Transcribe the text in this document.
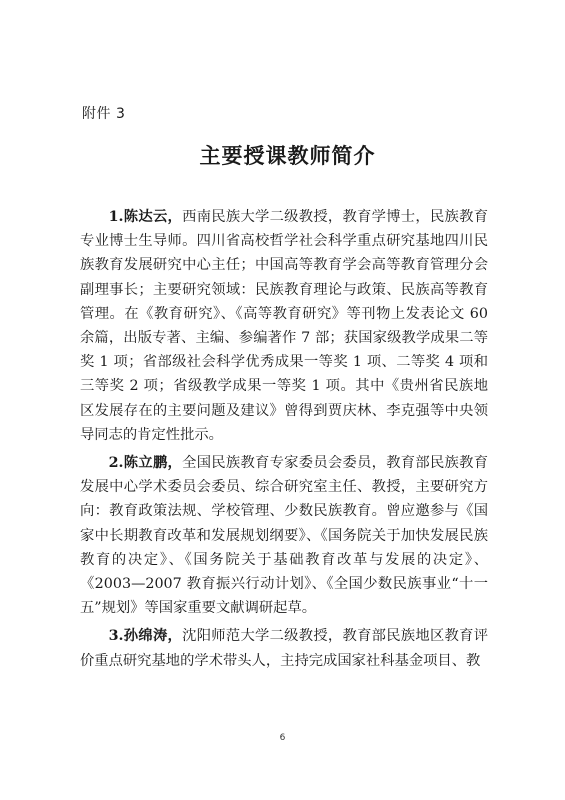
附件 3
主要授课教师简介

1.陈达云，西南民族大学二级教授，教育学博士，民族教育专业博士生导师。四川省高校哲学社会科学重点研究基地四川民族教育发展研究中心主任；中国高等教育学会高等教育管理分会副理事长；主要研究领域：民族教育理论与政策、民族高等教育管理。在《教育研究》、《高等教育研究》等刊物上发表论文 60 余篇，出版专著、主编、参编著作 7 部；获国家级教学成果二等奖 1 项；省部级社会科学优秀成果一等奖 1 项、二等奖 4 项和三等奖 2 项；省级教学成果一等奖 1 项。其中《贵州省民族地区发展存在的主要问题及建议》曾得到贾庆林、李克强等中央领导同志的肯定性批示。

2.陈立鹏，全国民族教育专家委员会委员，教育部民族教育发展中心学术委员会委员、综合研究室主任、教授，主要研究方向：教育政策法规、学校管理、少数民族教育。曾应邀参与《国家中长期教育改革和发展规划纲要》、《国务院关于加快发展民族教育的决定》、《国务院关于基础教育改革与发展的决定》、《2003—2007 教育振兴行动计划》、《全国少数民族事业“十一五”规划》等国家重要文献调研起草。

3.孙绵涛，沈阳师范大学二级教授，教育部民族地区教育评价重点研究基地的学术带头人，主持完成国家社科基金项目、教

6
